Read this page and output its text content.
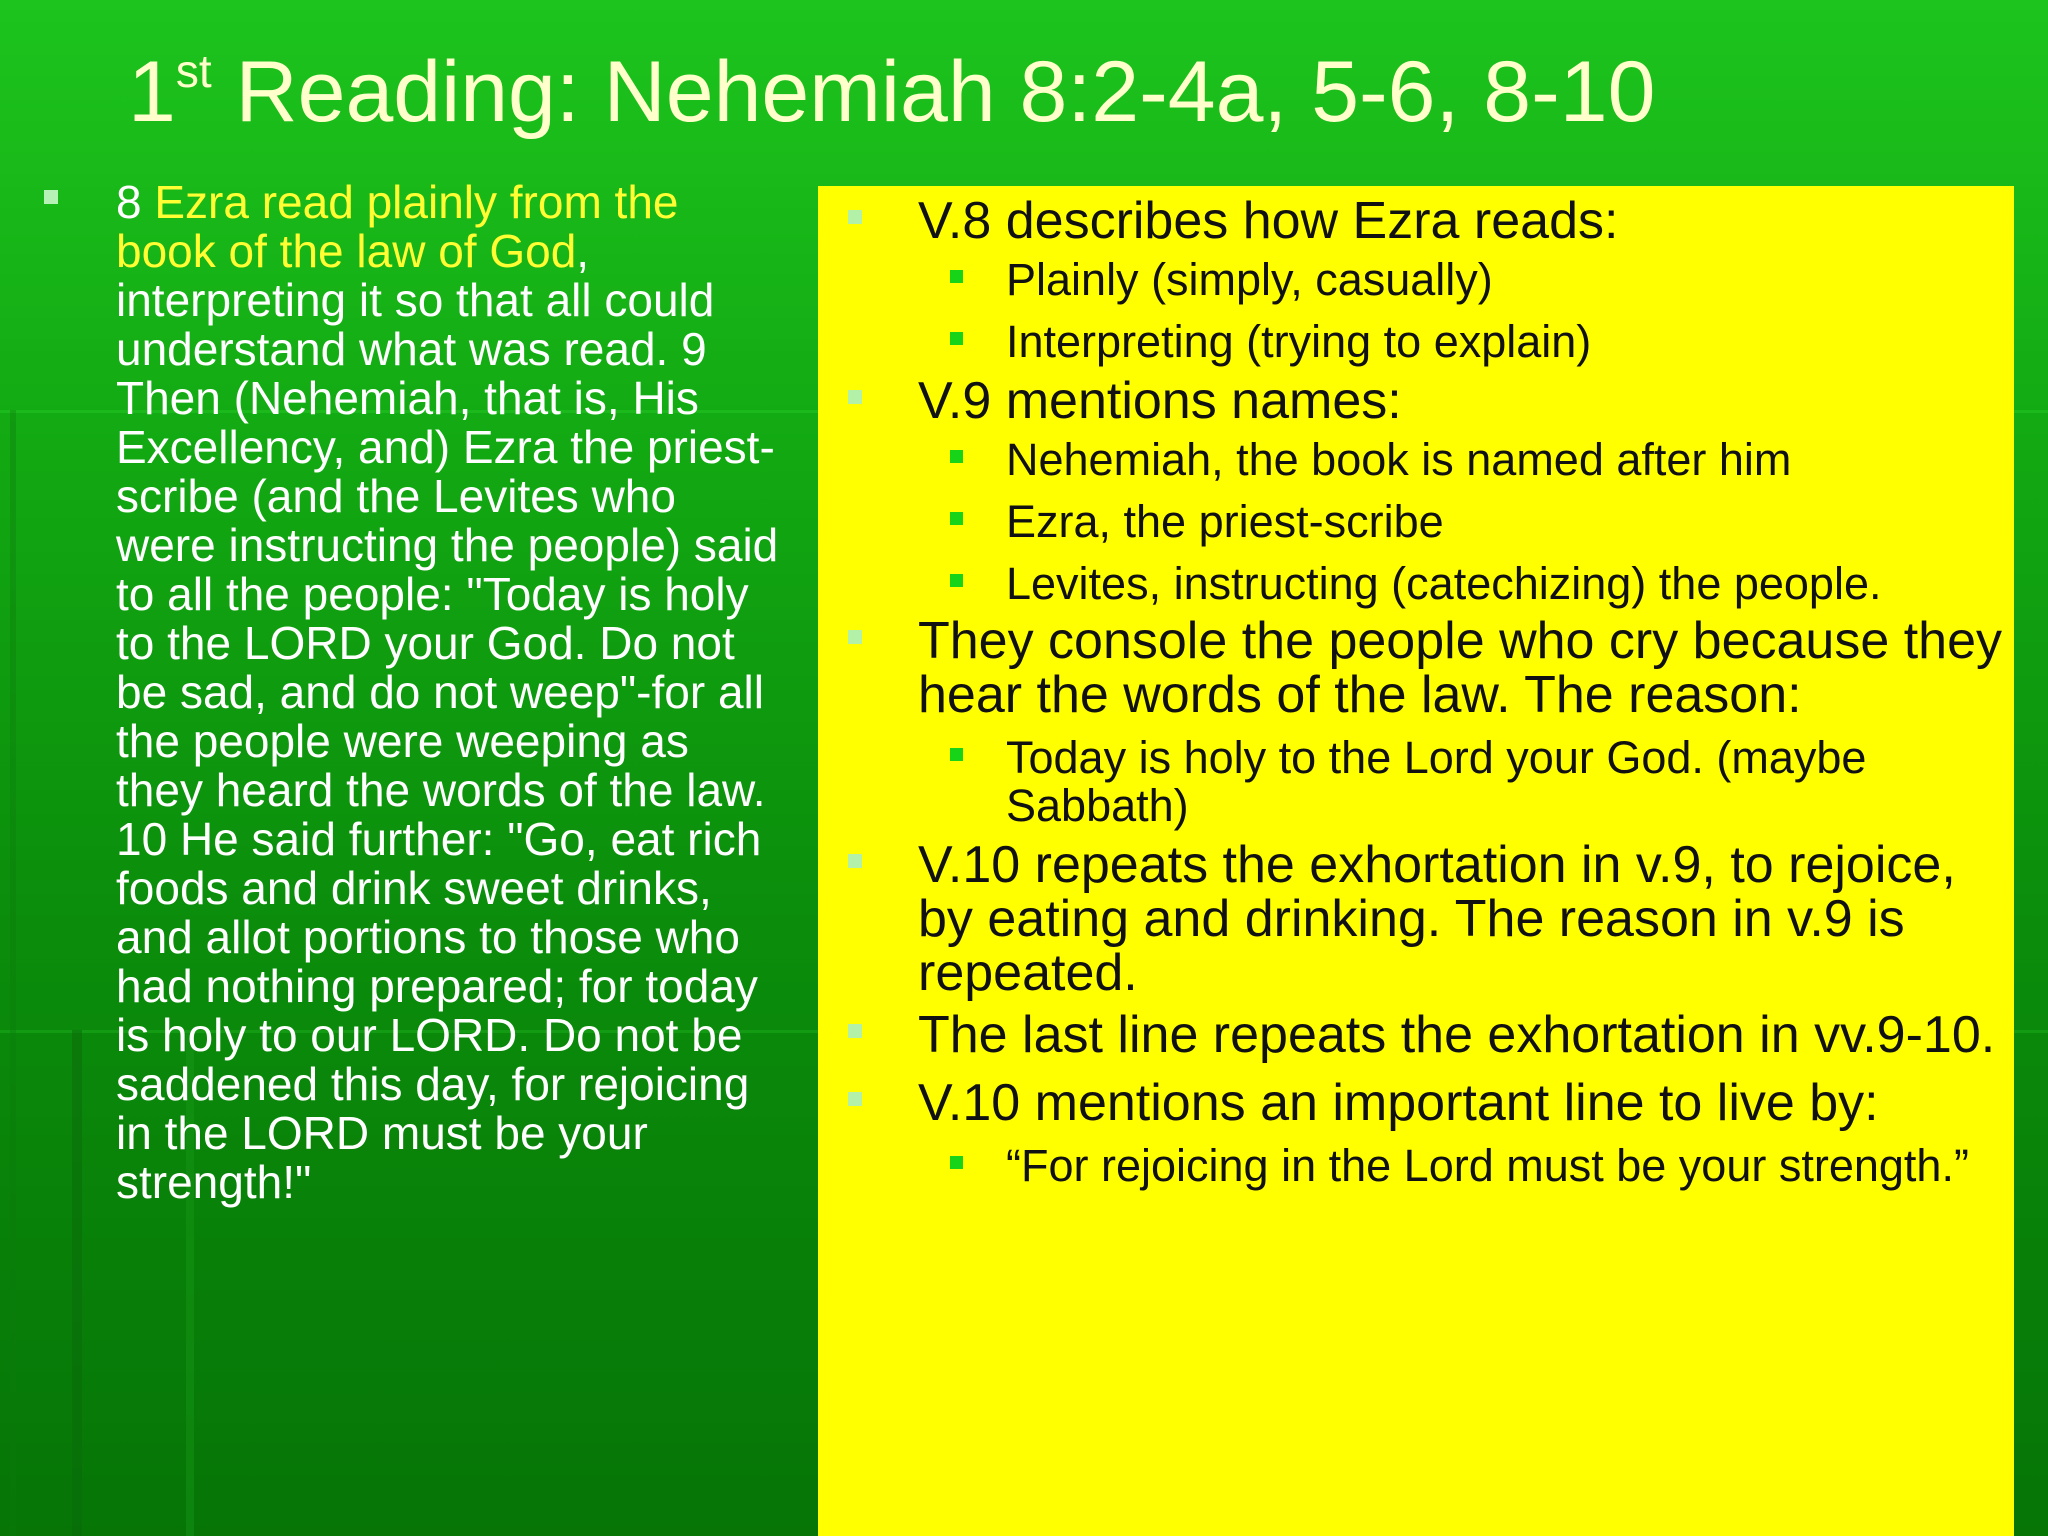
1st Reading: Nehemiah 8:2-4a, 5-6, 8-10
8 Ezra read plainly from the book of the law of God, interpreting it so that all could understand what was read. 9 Then (Nehemiah, that is, His Excellency, and) Ezra the priest-scribe (and the Levites who were instructing the people) said to all the people: "Today is holy to the LORD your God. Do not be sad, and do not weep"-for all the people were weeping as they heard the words of the law. 10 He said further: "Go, eat rich foods and drink sweet drinks, and allot portions to those who had nothing prepared; for today is holy to our LORD. Do not be saddened this day, for rejoicing in the LORD must be your strength!"
V.8 describes how Ezra reads:
Plainly (simply, casually)
Interpreting (trying to explain)
V.9 mentions names:
Nehemiah, the book is named after him
Ezra, the priest-scribe
Levites, instructing (catechizing) the people.
They console the people who cry because they hear the words of the law. The reason:
Today is holy to the Lord your God. (maybe Sabbath)
V.10 repeats the exhortation in v.9, to rejoice, by eating and drinking. The reason in v.9 is repeated.
The last line repeats the exhortation in vv.9-10.
V.10 mentions an important line to live by:
“For rejoicing in the Lord must be your strength.”
